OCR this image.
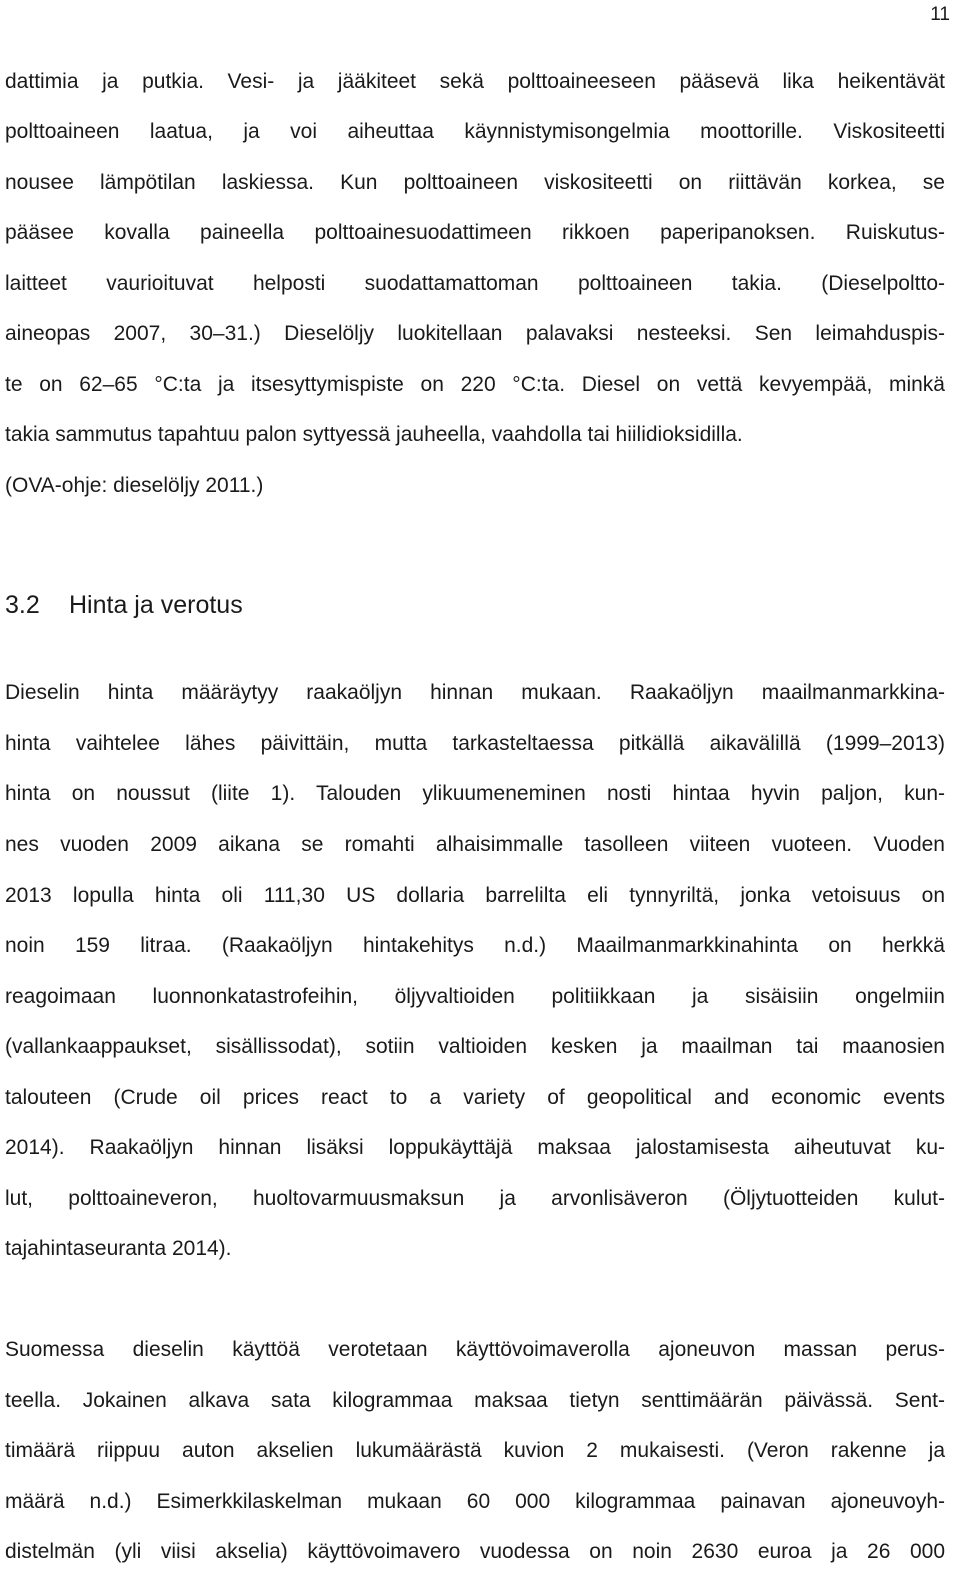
11
dattimia ja putkia. Vesi- ja jääkiteet sekä polttoaineeseen pääsevä lika heikentävät
polttoaineen laatua, ja voi aiheuttaa käynnistymisongelmia moottorille. Viskositeetti
nousee lämpötilan laskiessa. Kun polttoaineen viskositeetti on riittävän korkea, se
pääsee kovalla paineella polttoainesuodattimeen rikkoen paperipanoksen. Ruiskutus-
laitteet vaurioituvat helposti suodattamattoman polttoaineen takia. (Dieselpoltto-
aineopas 2007, 30–31.) Dieselöljy luokitellaan palavaksi nesteeksi. Sen leimahduspis-
te on 62–65 °C:ta ja itsesyttymispiste on 220 °C:ta. Diesel on vettä kevyempää, minkä
takia sammutus tapahtuu palon syttyessä jauheella, vaahdolla tai hiilidioksidilla.
(OVA-ohje: dieselöljy 2011.)
3.2 Hinta ja verotus
Dieselin hinta määräytyy raakaöljyn hinnan mukaan. Raakaöljyn maailmanmarkkina-
hinta vaihtelee lähes päivittäin, mutta tarkasteltaessa pitkällä aikavälillä (1999–2013)
hinta on noussut (liite 1). Talouden ylikuumeneminen nosti hintaa hyvin paljon, kun-
nes vuoden 2009 aikana se romahti alhaisimmalle tasolleen viiteen vuoteen. Vuoden
2013 lopulla hinta oli 111,30 US dollaria barrelilta eli tynnyriltä, jonka vetoisuus on
noin 159 litraa. (Raakaöljyn hintakehitys n.d.) Maailmanmarkkinahinta on herkkä
reagoimaan luonnonkatastrofeihin, öljyvaltioiden politiikkaan ja sisäisiin ongelmiin
(vallankaappaukset, sisällissodat), sotiin valtioiden kesken ja maailman tai maanosien
talouteen (Crude oil prices react to a variety of geopolitical and economic events
2014). Raakaöljyn hinnan lisäksi loppukäyttäjä maksaa jalostamisesta aiheutuvat ku-
lut, polttoaineveron, huoltovarmuusmaksun ja arvonlisäveron (Öljytuotteiden kulut-
tajahintaseuranta 2014).
Suomessa dieselin käyttöä verotetaan käyttövoimaverolla ajoneuvon massan perus-
teella. Jokainen alkava sata kilogrammaa maksaa tietyn senttimäärän päivässä. Sent-
timäärä riippuu auton akselien lukumäärästä kuvion 2 mukaisesti. (Veron rakenne ja
määrä n.d.) Esimerkkilaskelman mukaan 60 000 kilogrammaa painavan ajoneuvoyh-
distelmän (yli viisi akselia) käyttövoimavero vuodessa on noin 2630 euroa ja 26 000
